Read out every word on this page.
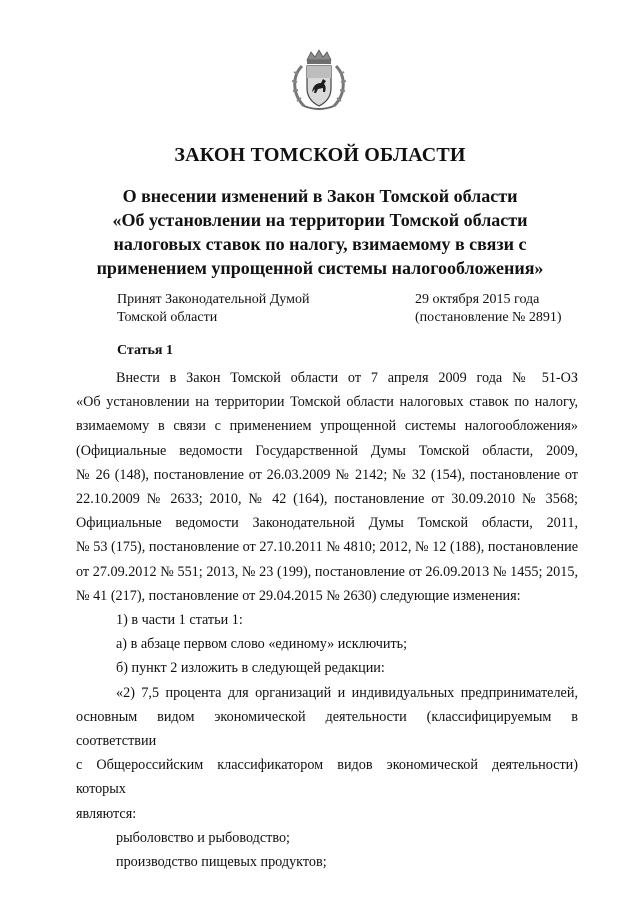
ЗАКОН ТОМСКОЙ ОБЛАСТИ
О внесении изменений в Закон Томской области
«Об установлении на территории Томской области
налоговых ставок по налогу, взимаемому в связи с
применением упрощенной системы налогообложения»
Принят Законодательной Думой
Томской области
29 октября 2015 года
(постановление № 2891)
Статья 1

Внести в Закон Томской области от 7 апреля 2009 года № 51-ОЗ

«Об установлении на территории Томской области налоговых ставок по налогу,

взимаемому в связи с применением упрощенной системы налогообложения»

(Официальные ведомости Государственной Думы Томской области, 2009,

№ 26 (148), постановление от 26.03.2009 № 2142; № 32 (154), постановление от

22.10.2009 № 2633; 2010, № 42 (164), постановление от 30.09.2010 № 3568;

Официальные ведомости Законодательной Думы Томской области, 2011,

№ 53 (175), постановление от 27.10.2011 № 4810; 2012, № 12 (188), постановление

от 27.09.2012 № 551; 2013, № 23 (199), постановление от 26.09.2013 № 1455; 2015,

№ 41 (217), постановление от 29.04.2015 № 2630) следующие изменения:

1) в части 1 статьи 1:

а) в абзаце первом слово «единому» исключить;

б) пункт 2 изложить в следующей редакции:

«2) 7,5 процента для организаций и индивидуальных предпринимателей,

основным видом экономической деятельности (классифицируемым в соответствии

с Общероссийским классификатором видов экономической деятельности) которых

являются:

рыболовство и рыбоводство;

производство пищевых продуктов;
